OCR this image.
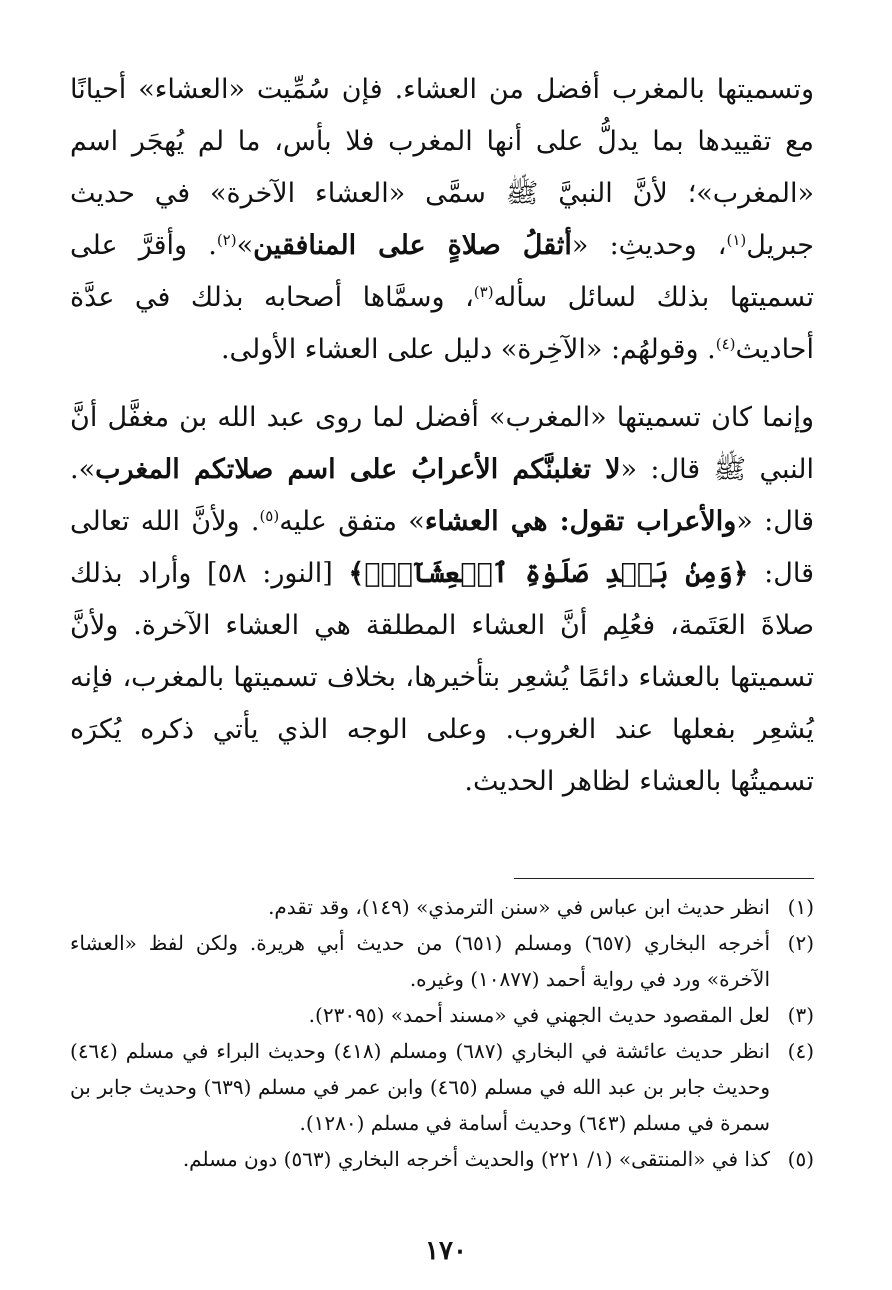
وتسميتها بالمغرب أفضل من العشاء. فإن سُمِّيت «العشاء» أحيانًا مع تقييدها بما يدلُّ على أنها المغرب فلا بأس، ما لم يُهجَر اسم «المغرب»؛ لأنَّ النبيَّ ﷺ سمَّى «العشاء الآخرة» في حديث جبريل$^{(١)}$، وحديثِ: «أثقلُ صلاةٍ على المنافقين»$^{(٢)}$. وأقرَّ على تسميتها بذلك لسائل سأله$^{(٣)}$، وسمَّاها أصحابه بذلك في عدَّة أحاديث$^{(٤)}$. وقولهُم: «الآخِرة» دليل على العشاء الأولى.

وإنما كان تسميتها «المغرب» أفضل لما روى عبد الله بن مغفَّل أنَّ النبي ﷺ قال: «لا تغلبنَّكم الأعرابُ على اسم صلاتكم المغرب». قال: «والأعراب تقول: هي العشاء» متفق عليه$^{(٥)}$. ولأنَّ الله تعالى قال: ﴿وَمِنۢ بَعۡدِ صَلَوٰةِ ٱلۡعِشَآءِۚ﴾ [النور: ٥٨] وأراد بذلك صلاةَ العَتَمة، فعُلِم أنَّ العشاء المطلقة هي العشاء الآخرة. ولأنَّ تسميتها بالعشاء دائمًا يُشعِر بتأخيرها، بخلاف تسميتها بالمغرب، فإنه يُشعِر بفعلها عند الغروب. وعلى الوجه الذي يأتي ذكره يُكرَه تسميتُها بالعشاء لظاهر الحديث.

(١)
انظر حديث ابن عباس في «سنن الترمذي» (١٤٩)، وقد تقدم.

(٢)
أخرجه البخاري (٦٥٧) ومسلم (٦٥١) من حديث أبي هريرة. ولكن لفظ «العشاء الآخرة» ورد في رواية أحمد (١٠٨٧٧) وغيره.

(٣)
لعل المقصود حديث الجهني في «مسند أحمد» (٢٣٠٩٥).

(٤)
انظر حديث عائشة في البخاري (٦٨٧) ومسلم (٤١٨) وحديث البراء في مسلم (٤٦٤) وحديث جابر بن عبد الله في مسلم (٤٦٥) وابن عمر في مسلم (٦٣٩) وحديث جابر بن سمرة في مسلم (٦٤٣) وحديث أسامة في مسلم (١٢٨٠).

(٥)
كذا في «المنتقى» (١/ ٢٢١) والحديث أخرجه البخاري (٥٦٣) دون مسلم.

١٧٠
